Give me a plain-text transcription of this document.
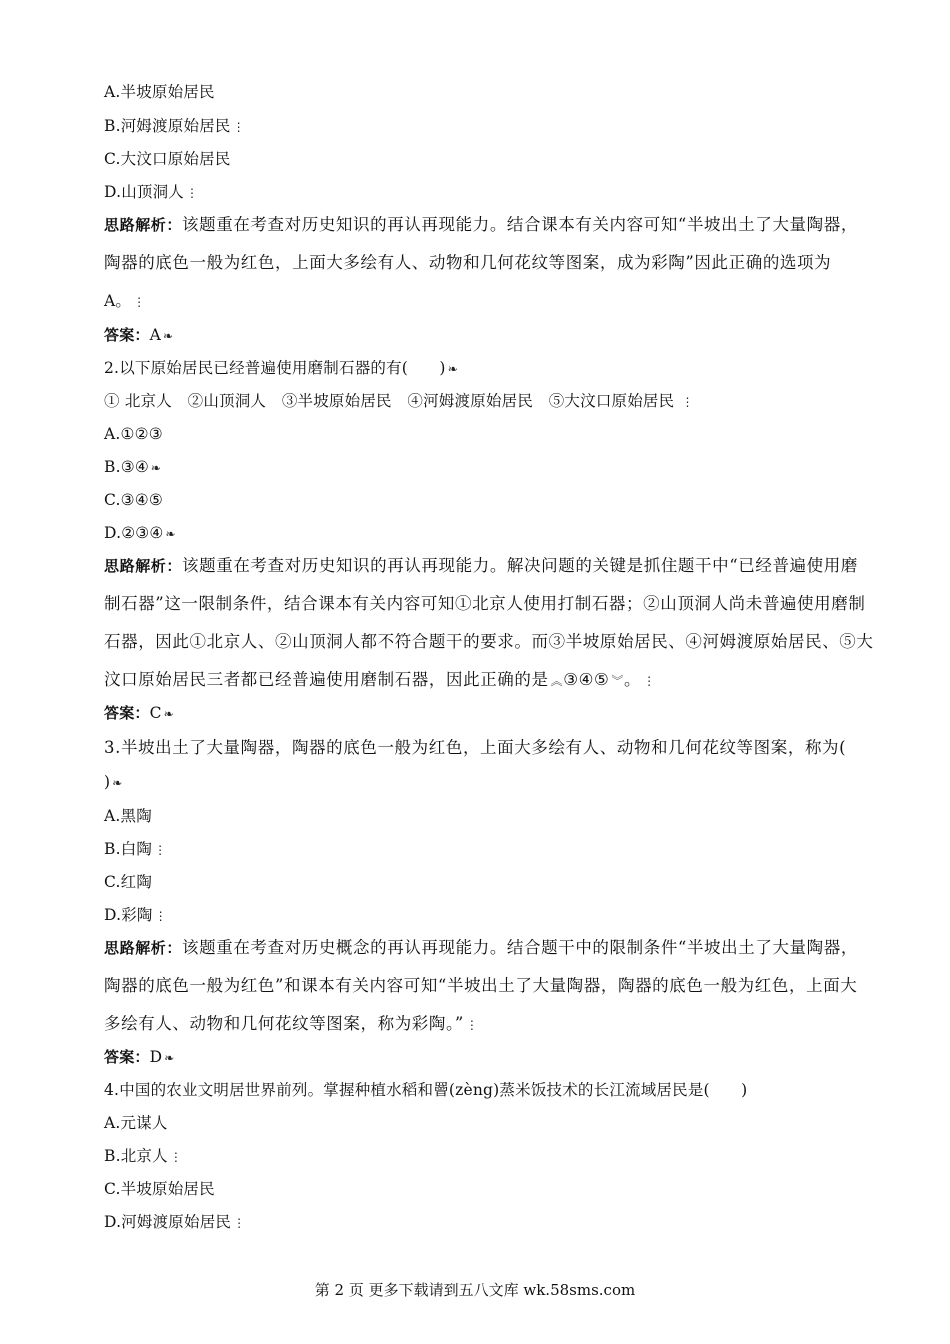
A.半坡原始居民
B.河姆渡原始居民 ⋮
C.大汶口原始居民
D.山顶洞人 ⋮
思路解析：该题重在考查对历史知识的再认再现能力。结合课本有关内容可知“半坡出土了大量陶器，
陶器的底色一般为红色，上面大多绘有人、动物和几何花纹等图案，成为彩陶”因此正确的选项为
A。 ⋮
答案：A ❧
2.以下原始居民已经普遍使用磨制石器的有(　　) ❧
① 北京人　②山顶洞人　③半坡原始居民　④河姆渡原始居民　⑤大汶口原始居民 ⋮
A.①②③
B.③④ ❧
C.③④⑤
D.②③④ ❧
思路解析：该题重在考查对历史知识的再认再现能力。解决问题的关键是抓住题干中“已经普遍使用磨
制石器”这一限制条件，结合课本有关内容可知①北京人使用打制石器；②山顶洞人尚未普遍使用磨制
石器，因此①北京人、②山顶洞人都不符合题干的要求。而③半坡原始居民、④河姆渡原始居民、⑤大
汶口原始居民三者都已经普遍使用磨制石器，因此正确的是 ︽③④⑤ ︾。 ⋮
答案：C ❧
3.半坡出土了大量陶器，陶器的底色一般为红色，上面大多绘有人、动物和几何花纹等图案，称为(
) ❧
A.黑陶
B.白陶 ⋮
C.红陶
D.彩陶 ⋮
思路解析：该题重在考查对历史概念的再认再现能力。结合题干中的限制条件“半坡出土了大量陶器，
陶器的底色一般为红色”和课本有关内容可知“半坡出土了大量陶器，陶器的底色一般为红色，上面大
多绘有人、动物和几何花纹等图案，称为彩陶。” ⋮
答案：D ❧
4.中国的农业文明居世界前列。掌握种植水稻和罾(zèng)蒸米饭技术的长江流域居民是(　　)
A.元谋人
B.北京人 ⋮
C.半坡原始居民
D.河姆渡原始居民 ⋮
第 2 页 更多下载请到五八文库 wk.58sms.com
